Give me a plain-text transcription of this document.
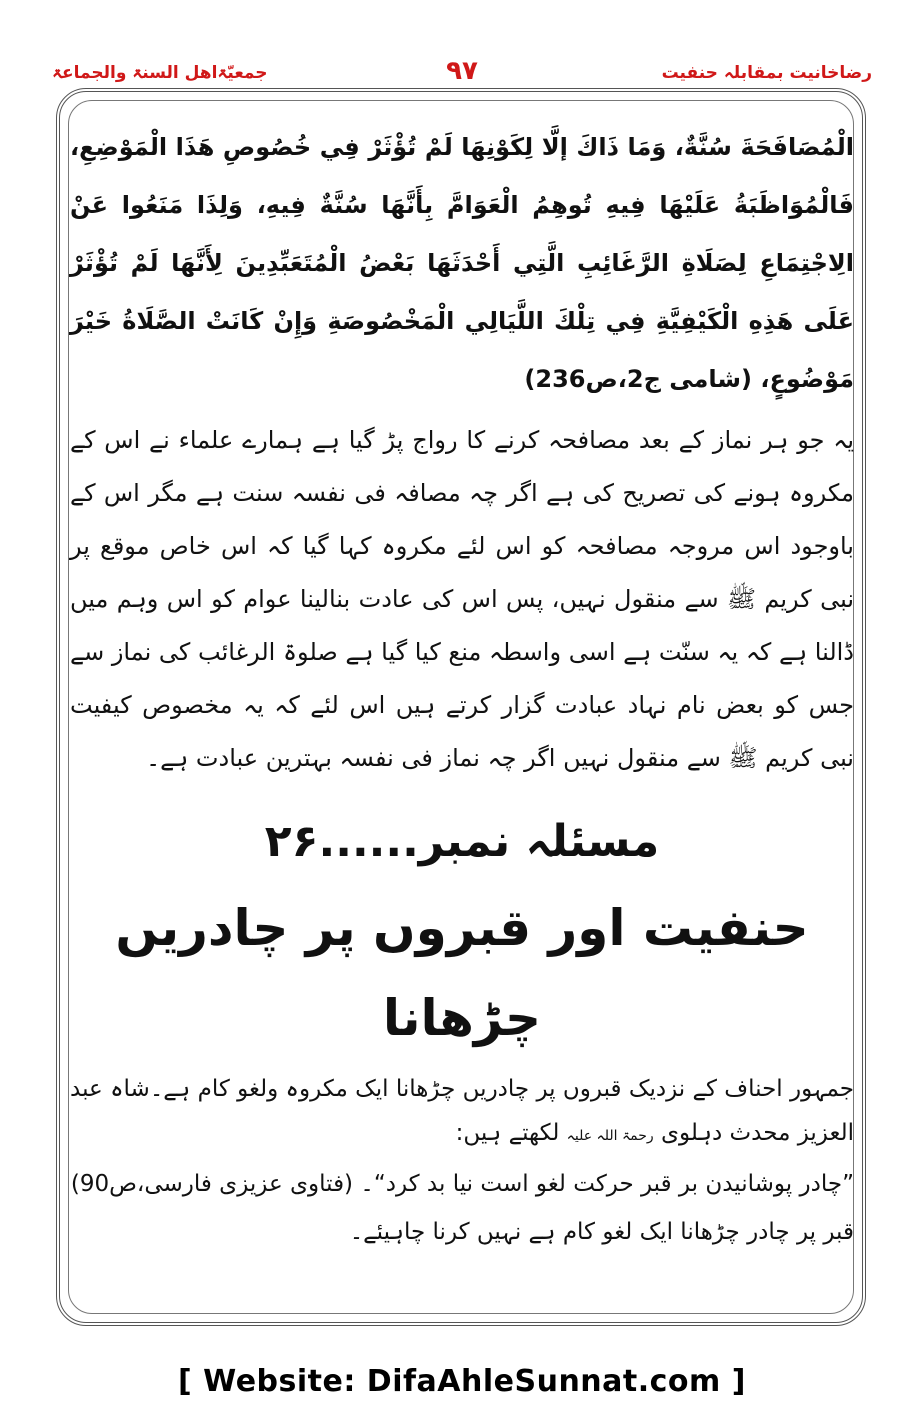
رضاخانیت بمقابلہ حنفیت
۹۷
جمعیّۃاھل السنۃ والجماعۃ

الْمُصَافَحَةَ سُنَّةٌ، وَمَا ذَاكَ إلَّا لِكَوْنِهَا لَمْ تُؤْثَرْ فِي خُصُوصِ هَذَا الْمَوْضِعِ، فَالْمُوَاظَبَةُ عَلَيْهَا فِيهِ تُوهِمُ الْعَوَامَّ بِأَنَّهَا سُنَّةٌ فِيهِ، وَلِذَا مَنَعُوا عَنْ الِاجْتِمَاعِ لِصَلَاةِ الرَّغَائِبِ الَّتِي أَحْدَثَهَا بَعْضُ الْمُتَعَبِّدِينَ لِأَنَّهَا لَمْ تُؤْثَرْ عَلَى هَذِهِ الْكَيْفِيَّةِ فِي تِلْكَ اللَّيَالِي الْمَخْصُوصَةِ وَإِنْ كَانَتْ الصَّلَاةُ خَيْرَ مَوْضُوعٍ، (شامی ج2،ص236)

یہ جو ہر نماز کے بعد مصافحہ کرنے کا رواج پڑ گیا ہے ہمارے علماء نے اس کے مکروہ ہونے کی تصریح کی ہے اگر چہ مصافہ فی نفسہ سنت ہے مگر اس کے باوجود اس مروجہ مصافحہ کو اس لئے مکروہ کہا گیا کہ اس خاص موقع پر نبی کریم ﷺ سے منقول نہیں، پس اس کی عادت بنالینا عوام کو اس وہم میں ڈالنا ہے کہ یہ سنّت ہے اسی واسطہ منع کیا گیا ہے صلوۃ الرغائب کی نماز سے جس کو بعض نام نہاد عبادت گزار کرتے ہیں اس لئے کہ یہ مخصوص کیفیت نبی کریم ﷺ سے منقول نہیں اگر چہ نماز فی نفسہ بہترین عبادت ہے۔

مسئلہ نمبر......۲۶
حنفیت اور قبروں پر چادریں چڑھانا

جمہور احناف کے نزدیک قبروں پر چادریں چڑھانا ایک مکروہ ولغو کام ہے۔شاہ عبد العزیز محدث دہلوی رحمۃ اللہ علیہ لکھتے ہیں:

”چادر پوشانیدن بر قبر حرکت لغو است نیا بد کرد“۔ (فتاوی عزیزی فارسی،ص90)

قبر پر چادر چڑھانا ایک لغو کام ہے نہیں کرنا چاہیئے۔

[ Website: DifaAhleSunnat.com ]
